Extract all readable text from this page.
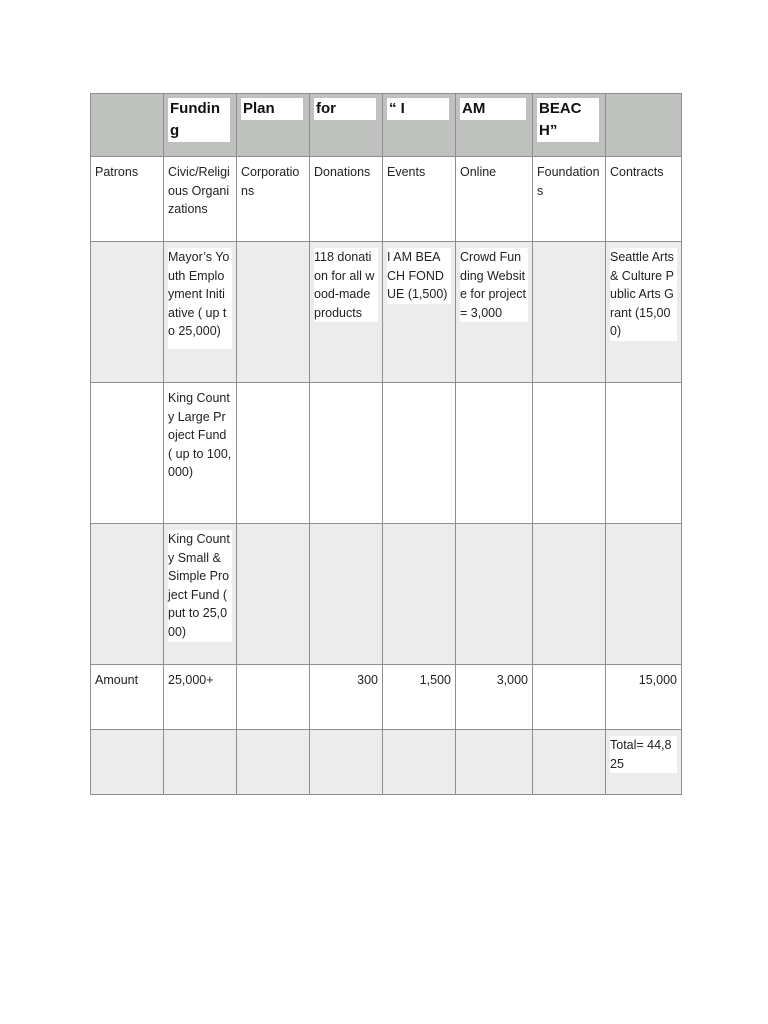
	Funding	Plan	for	“ I	AM	BEACH”	

Patrons	Civic/Religious Organizations	Corporations	Donations	Events	Online	Foundations	Contracts

	Mayor’s Youth Employment Initiative ( up to 25,000)		118 donation for all wood-made products	I AM BEACH FONDUE (1,500)	Crowd Funding Website for project= 3,000		Seattle Arts & Culture Public Arts Grant (15,000)

	King County Large Project Fund ( up to 100,000)						

	King County Small & Simple Project Fund ( put to 25,000)						

Amount	25,000+		300	1,500	3,000		15,000

							Total= 44,825
